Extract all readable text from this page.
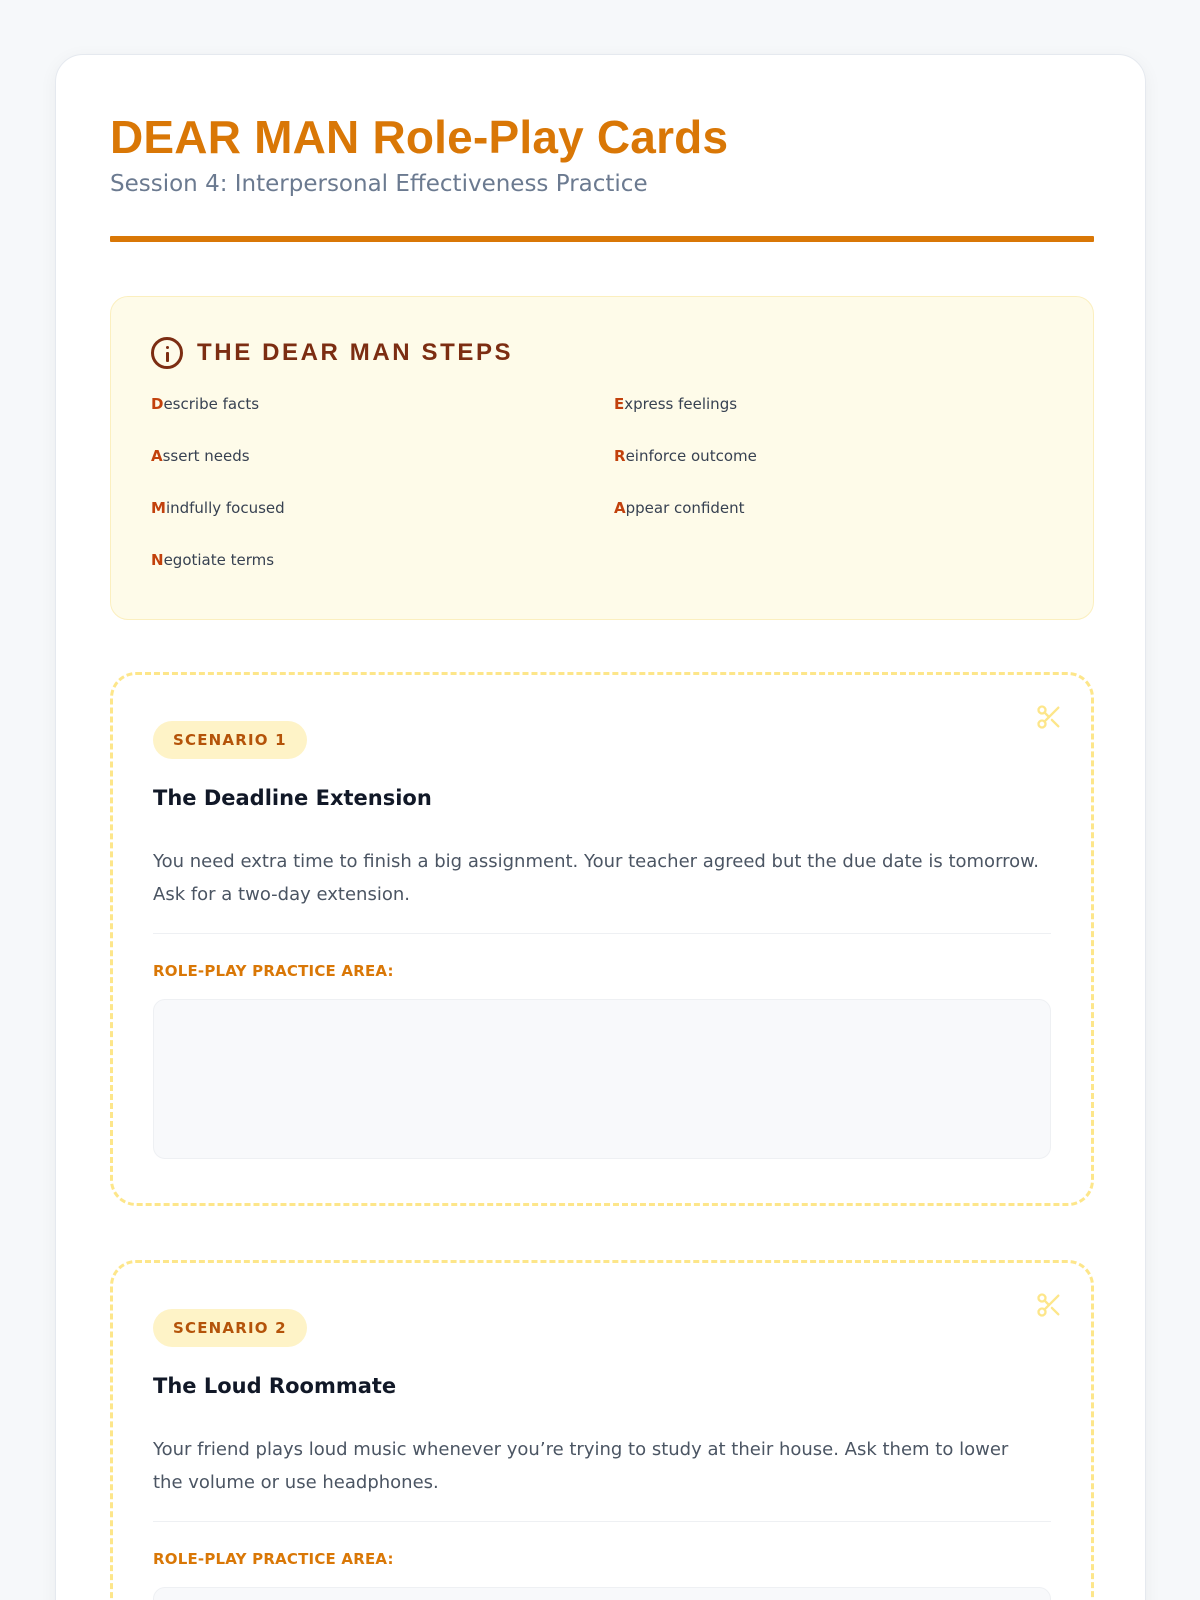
DEAR MAN Role-Play Cards
Session 4: Interpersonal Effectiveness Practice
THE DEAR MAN STEPS
Describe facts	Express feelings
Assert needs	Reinforce outcome
Mindfully focused	Appear confident
Negotiate terms
SCENARIO 1
The Deadline Extension

You need extra time to finish a big assignment. Your teacher agreed but the due date is tomorrow. Ask for a two-day extension.

ROLE-PLAY PRACTICE AREA:
SCENARIO 2
The Loud Roommate

Your friend plays loud music whenever you’re trying to study at their house. Ask them to lower the volume or use headphones.

ROLE-PLAY PRACTICE AREA:
